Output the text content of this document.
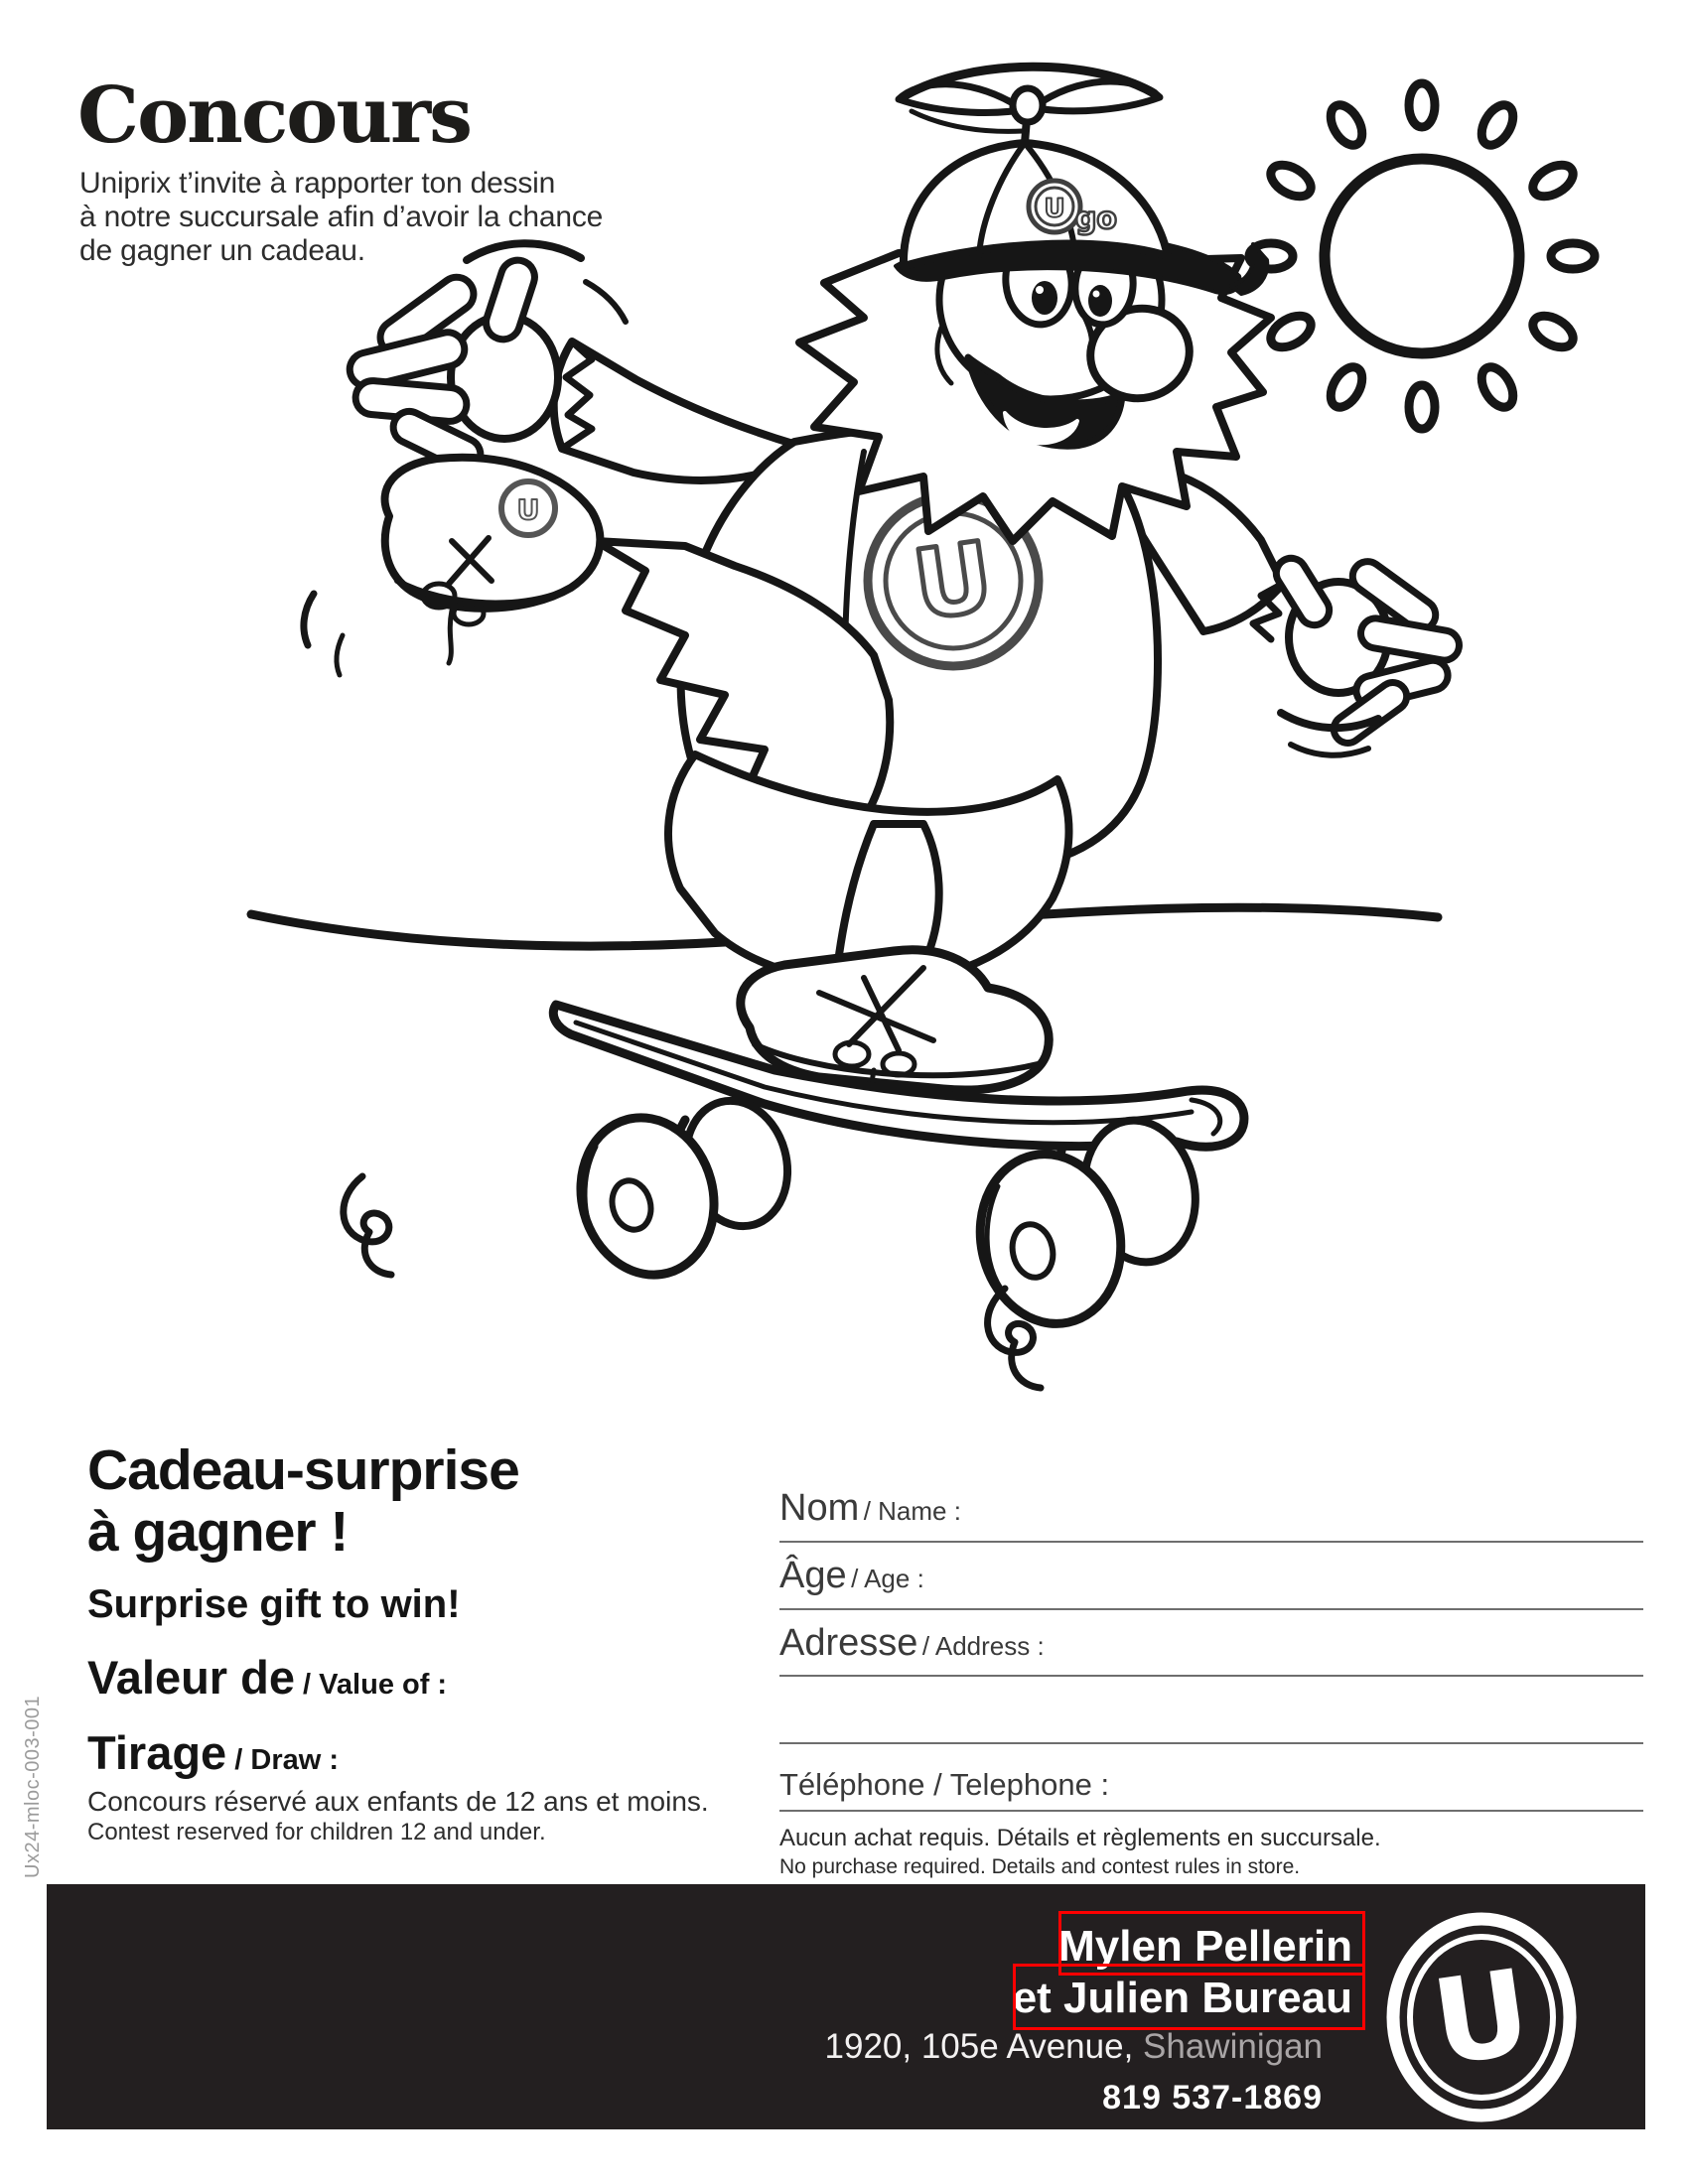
Concours
Uniprix t’invite à rapporter ton dessin
à notre succursale afin d’avoir la chance
de gagner un cadeau.
U
U go
U
Cadeau-surprise
à gagner !
Surprise gift to win!
Valeur de / Value of :
Tirage / Draw :
Concours réservé aux enfants de 12 ans et moins.
Contest reserved for children 12 and under.
Nom / Name :
Âge / Age :
Adresse / Address :
Téléphone / Telephone :
Aucun achat requis. Détails et règlements en succursale.
No purchase required. Details and contest rules in store.
Ux24-mloc-003-001
Mylen Pellerin
et Julien Bureau
1920, 105e Avenue, Shawinigan
819 537-1869
U
